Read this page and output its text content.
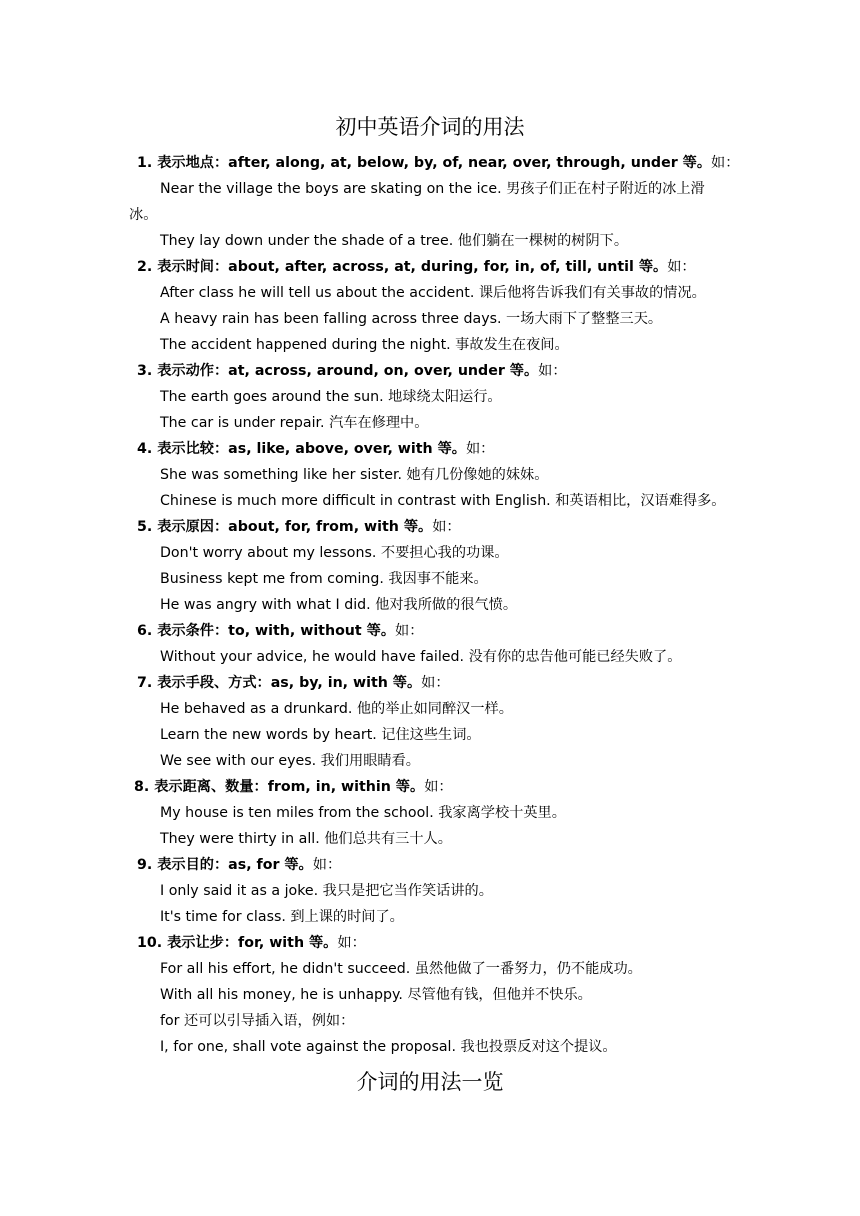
初中英语介词的用法
1. 表示地点：after, along, at, below, by, of, near, over, through, under 等。如：
Near the village the boys are skating on the ice. 男孩子们正在村子附近的冰上滑
冰。
They lay down under the shade of a tree. 他们躺在一棵树的树阴下。
2. 表示时间：about, after, across, at, during, for, in, of, till, until 等。如：
After class he will tell us about the accident. 课后他将告诉我们有关事故的情况。
A heavy rain has been falling across three days. 一场大雨下了整整三天。
The accident happened during the night. 事故发生在夜间。
3. 表示动作：at, across, around, on, over, under 等。如：
The earth goes around the sun. 地球绕太阳运行。
The car is under repair. 汽车在修理中。
4. 表示比较：as, like, above, over, with 等。如：
She was something like her sister. 她有几份像她的妹妹。
Chinese is much more difficult in contrast with English. 和英语相比，汉语难得多。
5. 表示原因：about, for, from, with 等。如：
Don't worry about my lessons. 不要担心我的功课。
Business kept me from coming. 我因事不能来。
He was angry with what I did. 他对我所做的很气愤。
6. 表示条件：to, with, without 等。如：
Without your advice, he would have failed. 没有你的忠告他可能已经失败了。
7. 表示手段、方式：as, by, in, with 等。如：
He behaved as a drunkard. 他的举止如同醉汉一样。
Learn the new words by heart. 记住这些生词。
We see with our eyes. 我们用眼睛看。
8. 表示距离、数量：from, in, within 等。如：
My house is ten miles from the school. 我家离学校十英里。
They were thirty in all. 他们总共有三十人。
9. 表示目的：as, for 等。如：
I only said it as a joke. 我只是把它当作笑话讲的。
It's time for class. 到上课的时间了。
10. 表示让步：for, with 等。如：
For all his effort, he didn't succeed. 虽然他做了一番努力，仍不能成功。
With all his money, he is unhappy. 尽管他有钱，但他并不快乐。
for 还可以引导插入语，例如：
I, for one, shall vote against the proposal. 我也投票反对这个提议。
介词的用法一览
